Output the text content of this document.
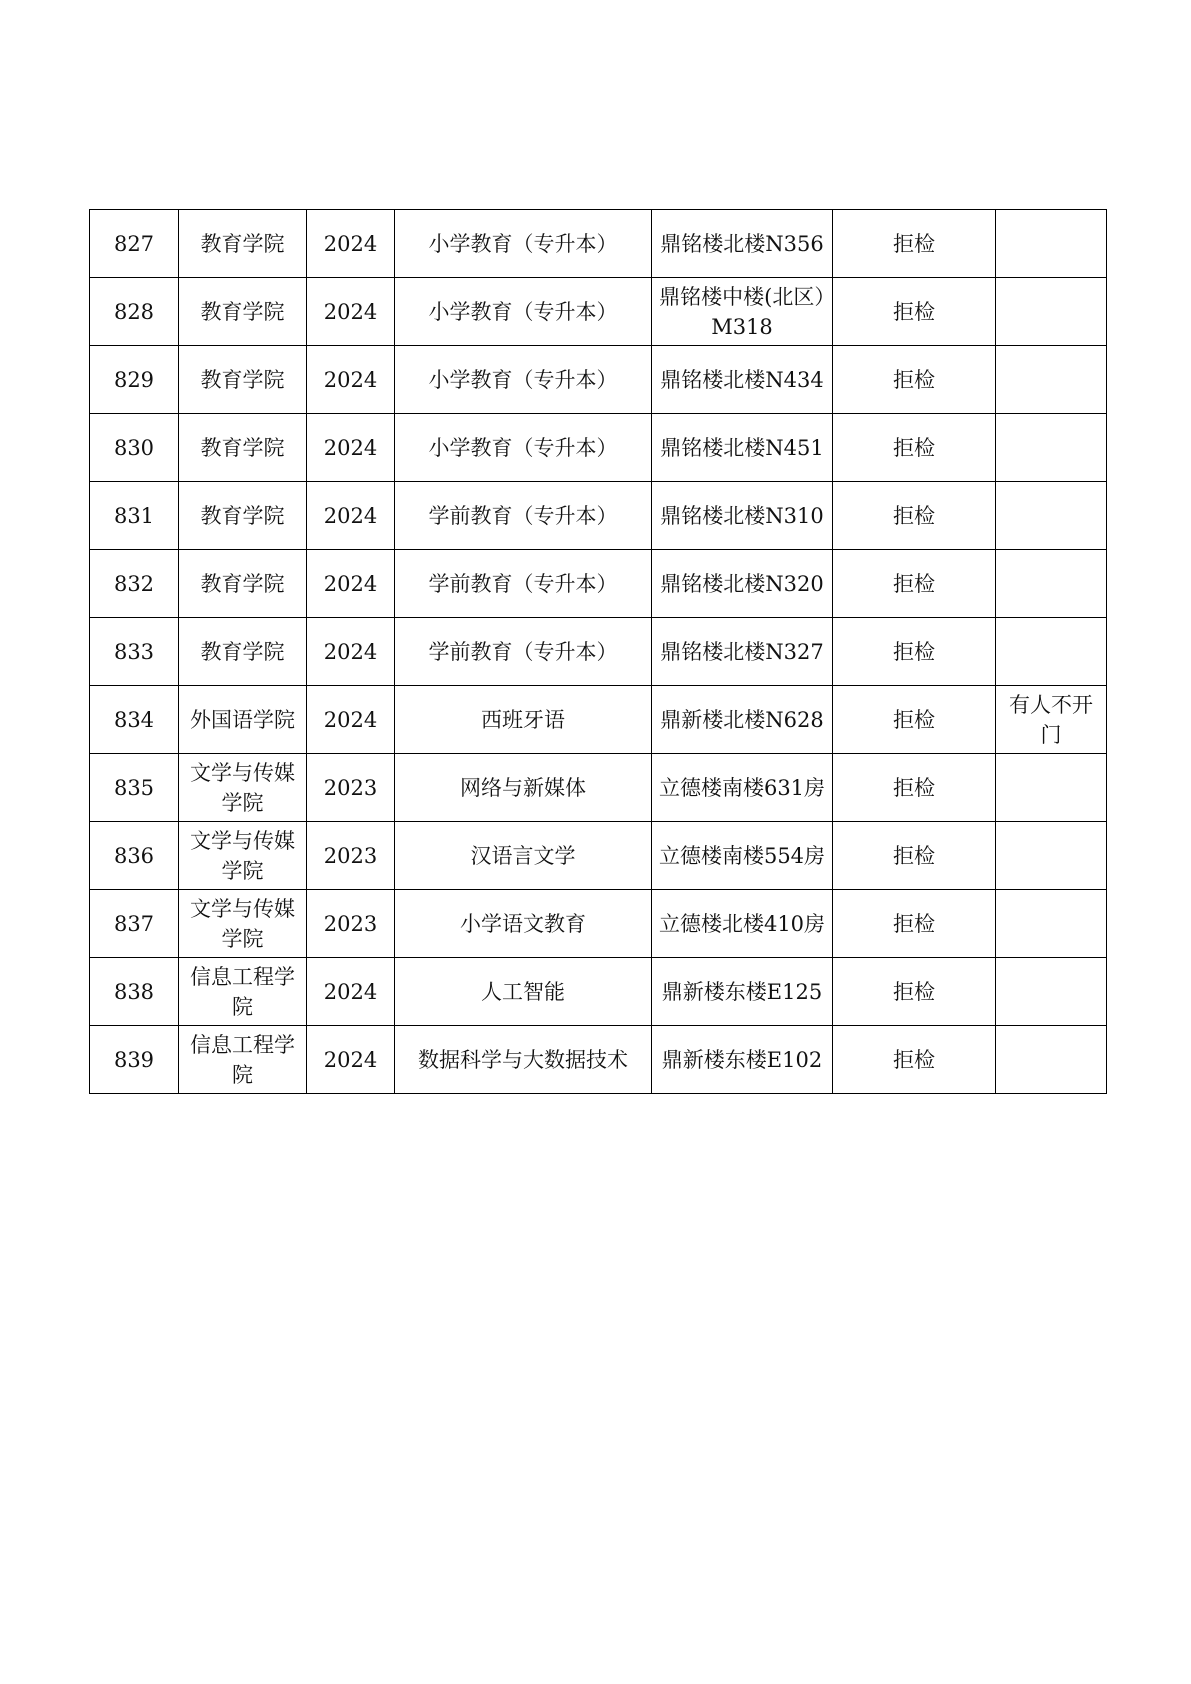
827	教育学院	2024	小学教育（专升本）	鼎铭楼北楼N356	拒检	
828	教育学院	2024	小学教育（专升本）	鼎铭楼中楼(北区）M318	拒检	
829	教育学院	2024	小学教育（专升本）	鼎铭楼北楼N434	拒检	
830	教育学院	2024	小学教育（专升本）	鼎铭楼北楼N451	拒检	
831	教育学院	2024	学前教育（专升本）	鼎铭楼北楼N310	拒检	
832	教育学院	2024	学前教育（专升本）	鼎铭楼北楼N320	拒检	
833	教育学院	2024	学前教育（专升本）	鼎铭楼北楼N327	拒检	
834	外国语学院	2024	西班牙语	鼎新楼北楼N628	拒检	有人不开门
835	文学与传媒学院	2023	网络与新媒体	立德楼南楼631房	拒检	
836	文学与传媒学院	2023	汉语言文学	立德楼南楼554房	拒检	
837	文学与传媒学院	2023	小学语文教育	立德楼北楼410房	拒检	
838	信息工程学院	2024	人工智能	鼎新楼东楼E125	拒检	
839	信息工程学院	2024	数据科学与大数据技术	鼎新楼东楼E102	拒检	
